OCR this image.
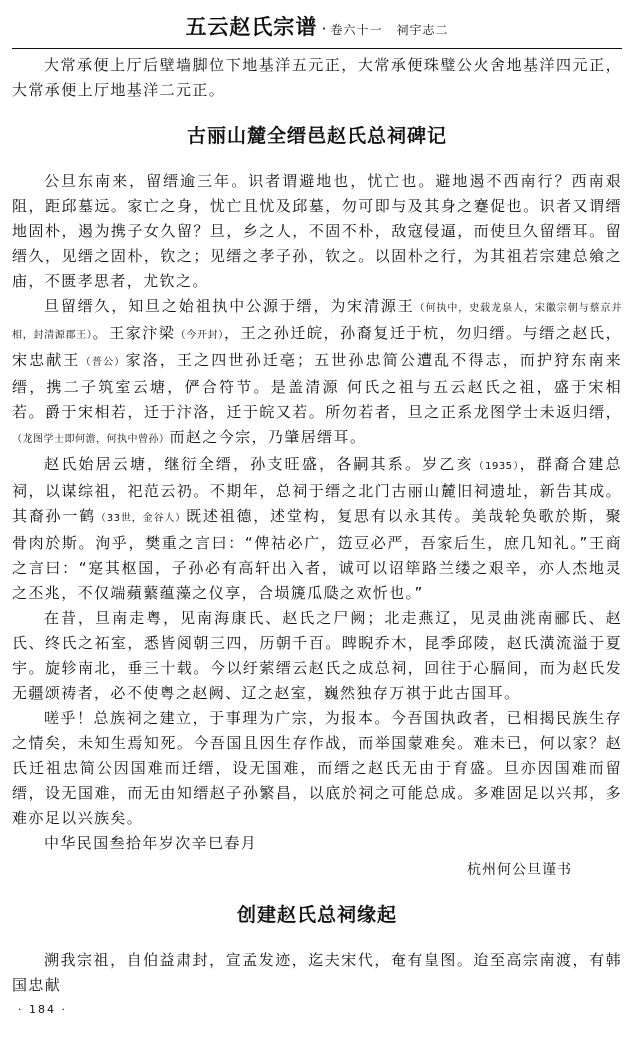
五云赵氏宗谱 · 卷六十一 祠宇志二

大常承便上厅后壁墙脚位下地基洋五元正，大常承便珠璧公火舍地基洋四元正，大常承便上厅地基洋二元正。

古丽山麓全缙邑赵氏总祠碑记

公旦东南来，留缙逾三年。识者谓避地也，忧亡也。避地遏不西南行？西南艰阻，距邱墓远。家亡之身，忧亡且忧及邱墓，勿可即与及其身之蹇促也。识者又谓缙地固朴，遏为携子女久留？旦，乡之人，不固不朴，敌寇侵逼，而使旦久留缙耳。留缙久，见缙之固朴，钦之；见缙之孝子孙，钦之。以固朴之行，为其祖若宗建总飨之庙，不匮孝思者，尤钦之。

旦留缙久，知旦之始祖执中公源于缙，为宋清源王（何执中，史载龙泉人，宋徽宗朝与蔡京并相，封清源郡王）。王家汴梁（今开封），王之孙迁皖，孙裔复迁于杭，勿归缙。与缙之赵氏，宋忠献王（普公）家洛，王之四世孙迁亳；五世孙忠简公遭乱不得志，而护狩东南来缙，携二子筑室云塘，俨合符节。是盖清源 何氏之祖与五云赵氏之祖，盛于宋相若。爵于宋相若，迁于汴洛，迁于皖又若。所勿若者，旦之正系龙图学士未返归缙，（龙图学士即何澹，何执中曾孙）而赵之今宗，乃肇居缙耳。

赵氏始居云塘，继衍全缙，孙支旺盛，各嗣其系。岁乙亥（1935），群裔合建总祠，以谋综祖，祀范云礽。不期年，总祠于缙之北门古丽山麓旧祠遗址，新告其成。其裔孙一鹤（33世，金谷人）既述祖德，述堂构，复思有以永其传。美哉轮奂歌於斯，聚骨肉於斯。洵乎，樊重之言曰：“俾祜必广，笾豆必严，吾家后生，庶几知礼。”王商之言曰：“寔其枢国，子孙必有高轩出入者，诚可以诏筚路兰缕之艰辛，亦人杰地灵之丕兆，不仅端蘋蘩蕴藻之仪享，合埙篪瓜瓞之欢忻也。”

在昔，旦南走粤，见南海康氏、赵氏之尸阙；北走燕辽，见灵曲洮南郦氏、赵氏、终氏之祏室，悉皆阅朝三四，历朝千百。睥睨乔木，昆季邱陵，赵氏潢流溢于夏宇。旋轸南北，垂三十载。今以纡萦缙云赵氏之成总祠，回往于心膈间，而为赵氏发无疆颂祷者，必不使粤之赵阙、辽之赵室，巍然独存万祺于此古国耳。

嗟乎！总族祠之建立，于事理为广宗，为报本。今吾国执政者，已相揭民族生存之情矣，未知生焉知死。今吾国且因生存作战，而举国蒙难矣。难未已，何以家？赵氏迁祖忠简公因国难而迁缙，设无国难，而缙之赵氏无由于育盛。旦亦因国难而留缙，设无国难，而无由知缙赵子孙繁昌，以底於祠之可能总成。多难固足以兴邦，多难亦足以兴族矣。

中华民国叁拾年岁次辛巳春月

杭州何公旦谨书
创建赵氏总祠缘起

溯我宗祖，自伯益肃封，宣孟发迹，迄夫宋代，奄有皇图。迨至高宗南渡，有韩国忠献

· 184 ·
